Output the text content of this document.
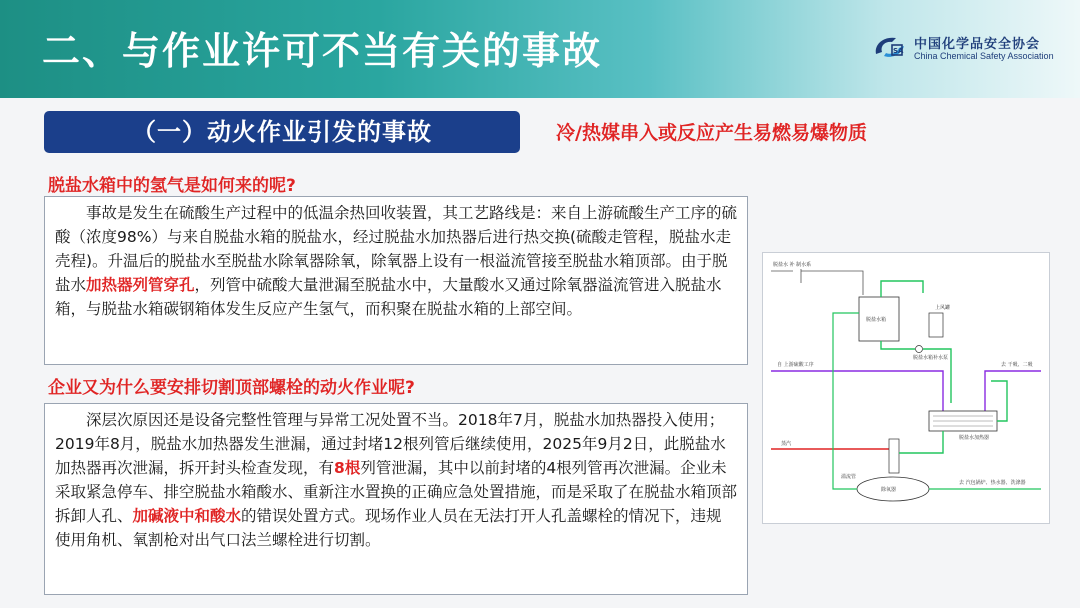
二、与作业许可不当有关的事故	SA 中国化学品安全协会
China Chemical Safety Association
（一）动火作业引发的事故	冷/热媒串入或反应产生易燃易爆物质
脱盐水箱中的氢气是如何来的呢?
事故是发生在硫酸生产过程中的低温余热回收装置，其工艺路线是：来自上游硫酸生产工序的硫酸（浓度98%）与来自脱盐水箱的脱盐水，经过脱盐水加热器后进行热交换(硫酸走管程，脱盐水走壳程)。升温后的脱盐水至脱盐水除氧器除氧，除氧器上设有一根溢流管接至脱盐水箱顶部。由于脱盐水加热器列管穿孔，列管中硫酸大量泄漏至脱盐水中，大量酸水又通过除氧器溢流管进入脱盐水箱，与脱盐水箱碳钢箱体发生反应产生氢气，而积聚在脱盐水箱的上部空间。
企业又为什么要安排切割顶部螺栓的动火作业呢?
深层次原因还是设备完整性管理与异常工况处置不当。2018年7月，脱盐水加热器投入使用；2019年8月，脱盐水加热器发生泄漏，通过封堵12根列管后继续使用，2025年9月2日，此脱盐水加热器再次泄漏，拆开封头检查发现，有8根列管泄漏，其中以前封堵的4根列管再次泄漏。企业未采取紧急停车、排空脱盐水箱酸水、重新注水置换的正确应急处置措施，而是采取了在脱盐水箱顶部拆卸人孔、加碱液中和酸水的错误处置方式。现场作业人员在无法打开人孔盖螺栓的情况下，违规使用角机、氧割枪对出气口法兰螺栓进行切割。
脱盐水 补 制水系
脱盐水箱
上风罐
脱盐水箱补水泵
自 上游硫酸工序	去 干吸、二吸
脱盐水加热器
蒸汽
除氧器
溢流管
去 汽包锅炉、热水器、洗涤器
